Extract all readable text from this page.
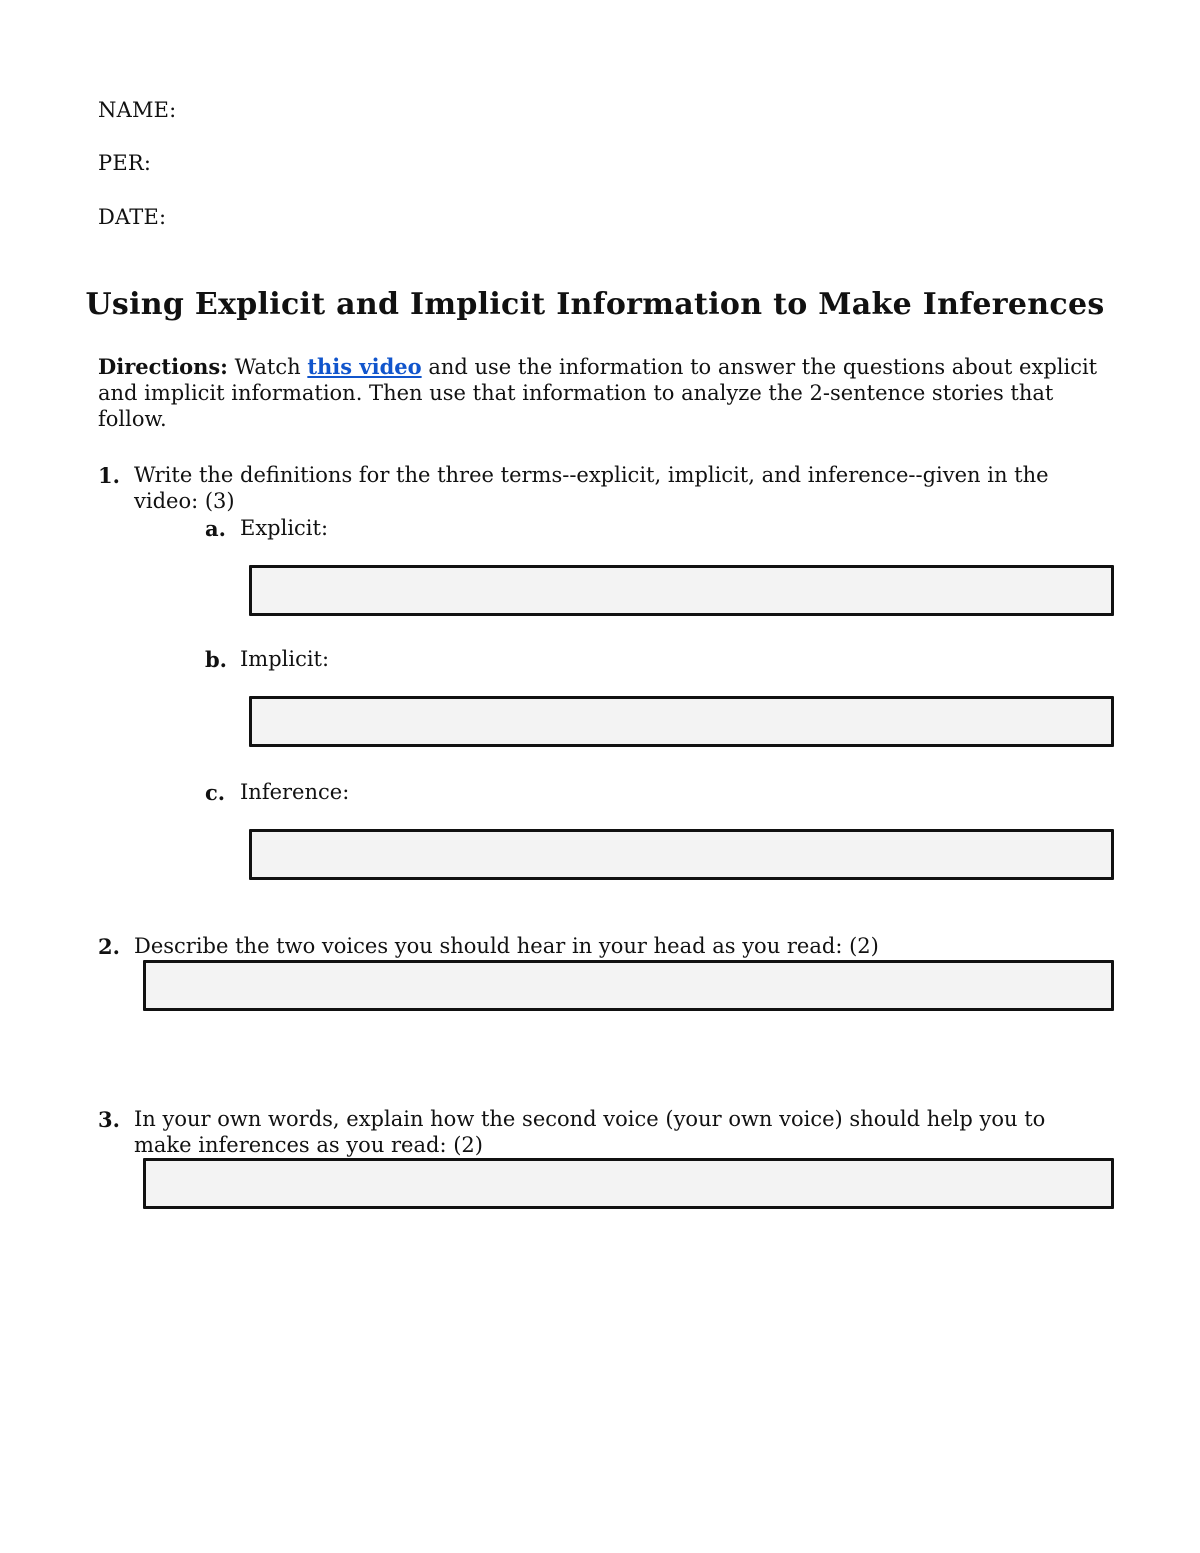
NAME:
PER:
DATE:
Using Explicit and Implicit Information to Make Inferences
Directions: Watch this video and use the information to answer the questions about explicit and implicit information. Then use that information to analyze the 2-sentence stories that follow.
1. Write the definitions for the three terms--explicit, implicit, and inference--given in the video: (3)
a. Explicit:
b. Implicit:
c. Inference:
2. Describe the two voices you should hear in your head as you read: (2)
3. In your own words, explain how the second voice (your own voice) should help you to make inferences as you read: (2)
